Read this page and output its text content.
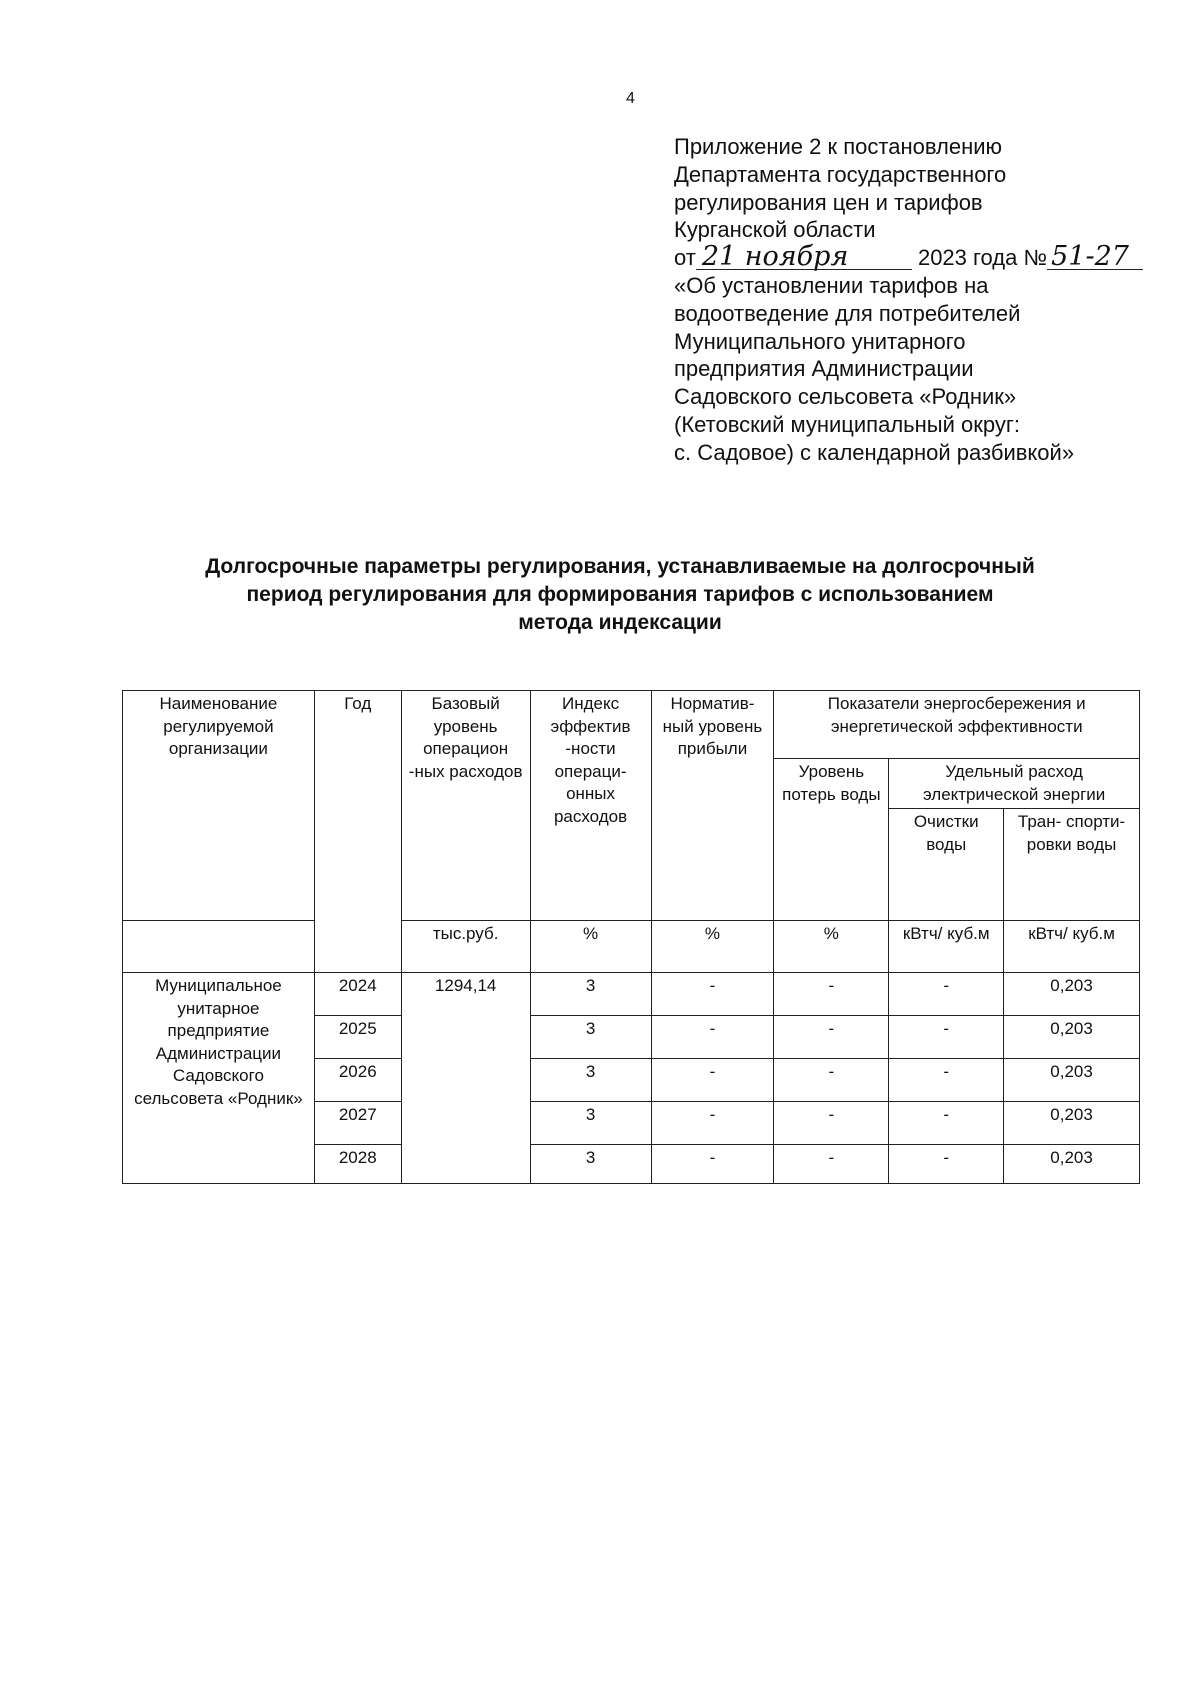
4
Приложение 2 к постановлению
Департамента государственного
регулирования цен и тарифов
Курганской области
от 21 ноября	2023 года № 51-27
«Об установлении тарифов на
водоотведение для потребителей
Муниципального унитарного
предприятия Администрации
Садовского сельсовета «Родник»
(Кетовский муниципальный округ:
с. Садовое) с календарной разбивкой»
Долгосрочные параметры регулирования, устанавливаемые на долгосрочный
период регулирования для формирования тарифов с использованием
метода индексации
Наименование регулируемой организации	Год	Базовый уровень операцион -ных расходов	Индекс эффектив -ности операци- онных расходов	Норматив- ный уровень прибыли	Показатели энергосбережения и энергетической эффективности		
					Уровень потерь воды	Удельный расход электрической энергии	
						Очистки воды	Тран- спорти- ровки воды
		тыс.руб.	%	%	%	кВтч/ куб.м	кВтч/ куб.м
Муниципальное унитарное предприятие Администрации Садовского сельсовета «Родник»	2024	1294,14	3	-	-	-	0,203
	2025		3	-	-	-	0,203
	2026		3	-	-	-	0,203
	2027		3	-	-	-	0,203
	2028		3	-	-	-	0,203
